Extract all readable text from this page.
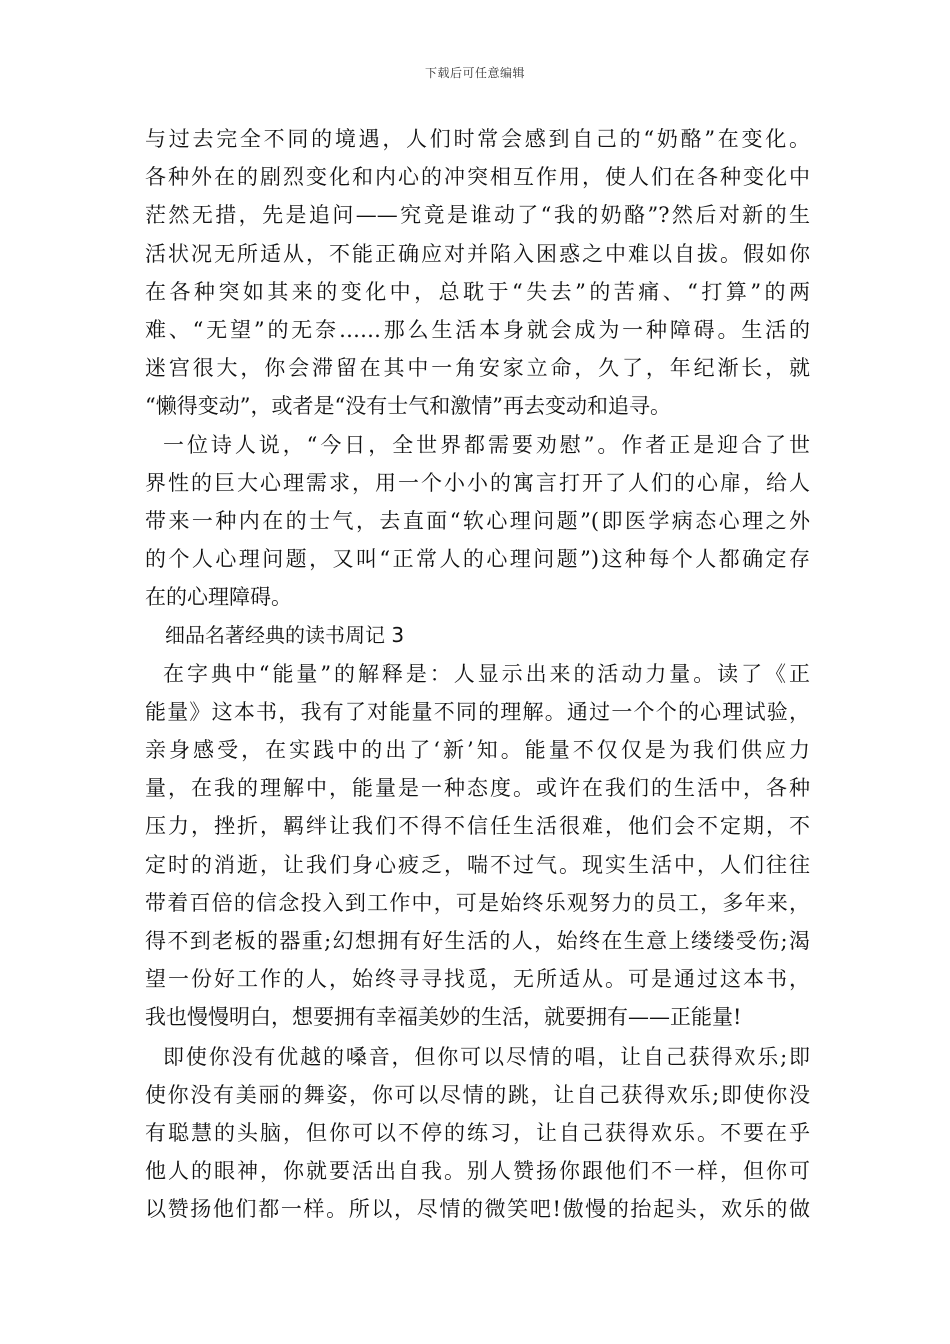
下载后可任意编辑
与过去完全不同的境遇，人们时常会感到自己的“奶酪”在变化。
各种外在的剧烈变化和内心的冲突相互作用，使人们在各种变化中
茫然无措，先是追问——究竟是谁动了“我的奶酪”?然后对新的生
活状况无所适从，不能正确应对并陷入困惑之中难以自拔。假如你
在各种突如其来的变化中，总耽于“失去”的苦痛、“打算”的两
难、“无望”的无奈……那么生活本身就会成为一种障碍。生活的
迷宫很大，你会滞留在其中一角安家立命，久了，年纪渐长，就
“懒得变动”，或者是“没有士气和激情”再去变动和追寻。
一位诗人说，“今日，全世界都需要劝慰”。作者正是迎合了世
界性的巨大心理需求，用一个小小的寓言打开了人们的心扉，给人
带来一种内在的士气，去直面“软心理问题”(即医学病态心理之外
的个人心理问题，又叫“正常人的心理问题”)这种每个人都确定存
在的心理障碍。
细品名著经典的读书周记 3
在字典中“能量”的解释是：人显示出来的活动力量。读了《正
能量》这本书，我有了对能量不同的理解。通过一个个的心理试验，
亲身感受，在实践中的出了‘新’知。能量不仅仅是为我们供应力
量，在我的理解中，能量是一种态度。或许在我们的生活中，各种
压力，挫折，羁绊让我们不得不信任生活很难，他们会不定期，不
定时的消逝，让我们身心疲乏，喘不过气。现实生活中，人们往往
带着百倍的信念投入到工作中，可是始终乐观努力的员工，多年来，
得不到老板的器重;幻想拥有好生活的人，始终在生意上缕缕受伤;渴
望一份好工作的人，始终寻寻找觅，无所适从。可是通过这本书，
我也慢慢明白，想要拥有幸福美妙的生活，就要拥有——正能量!
即使你没有优越的嗓音，但你可以尽情的唱，让自己获得欢乐;即
使你没有美丽的舞姿，你可以尽情的跳，让自己获得欢乐;即使你没
有聪慧的头脑，但你可以不停的练习，让自己获得欢乐。不要在乎
他人的眼神，你就要活出自我。别人赞扬你跟他们不一样，但你可
以赞扬他们都一样。所以，尽情的微笑吧!傲慢的抬起头，欢乐的做
